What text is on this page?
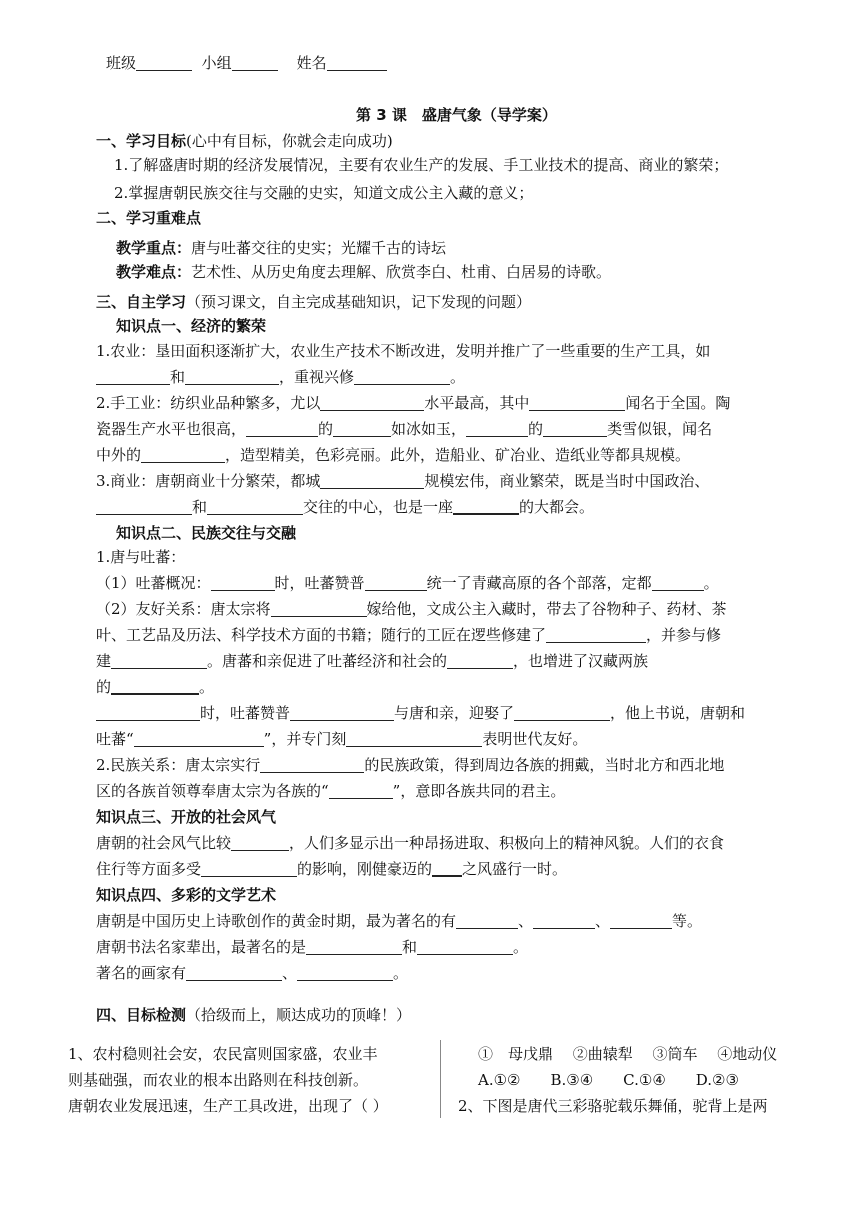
班级	小组	姓名
第 3 课　盛唐气象（导学案）
一、学习目标(心中有目标，你就会走向成功)
1.了解盛唐时期的经济发展情况，主要有农业生产的发展、手工业技术的提高、商业的繁荣；
2.掌握唐朝民族交往与交融的史实，知道文成公主入藏的意义；
二、学习重难点
教学重点：唐与吐蕃交往的史实；光耀千古的诗坛
教学难点：艺术性、从历史角度去理解、欣赏李白、杜甫、白居易的诗歌。
三、自主学习（预习课文，自主完成基础知识，记下发现的问题）
知识点一、经济的繁荣
1.农业：垦田面积逐渐扩大，农业生产技术不断改进，发明并推广了一些重要的生产工具，如
和	，重视兴修	。
2.手工业：纺织业品种繁多，尤以	水平最高，其中	闻名于全国。陶
瓷器生产水平也很高，	的	如冰如玉，	的	类雪似银，闻名
中外的	，造型精美，色彩亮丽。此外，造船业、矿冶业、造纸业等都具规模。
3.商业：唐朝商业十分繁荣，都城	规模宏伟，商业繁荣，既是当时中国政治、
和	交往的中心，也是一座	的大都会。
知识点二、民族交往与交融
1.唐与吐蕃：
（1）吐蕃概况：	时，吐蕃赞普	统一了青藏高原的各个部落，定都	。
（2）友好关系：唐太宗将	嫁给他，文成公主入藏时，带去了谷物种子、药材、茶
叶、工艺品及历法、科学技术方面的书籍；随行的工匠在逻些修建了	，并参与修
建	。唐蕃和亲促进了吐蕃经济和社会的	，也增进了汉藏两族
的	。
时，吐蕃赞普	与唐和亲，迎娶了	，他上书说，唐朝和
吐蕃“	”，并专门刻	表明世代友好。
2.民族关系：唐太宗实行	的民族政策，得到周边各族的拥戴，当时北方和西北地
区的各族首领尊奉唐太宗为各族的“	”，意即各族共同的君主。
知识点三、开放的社会风气
唐朝的社会风气比较	，人们多显示出一种昂扬进取、积极向上的精神风貌。人们的衣食
住行等方面多受	的影响，刚健豪迈的 之风盛行一时。
知识点四、多彩的文学艺术
唐朝是中国历史上诗歌创作的黄金时期，最为著名的有	、	、	等。
唐朝书法名家辈出，最著名的是	和	。
著名的画家有	、	。
四、目标检测（拾级而上，顺达成功的顶峰！）
1、农村稳则社会安，农民富则国家盛，农业丰
则基础强，而农业的根本出路则在科技创新。
唐朝农业发展迅速，生产工具改进，出现了（ ）
①　母戊鼎　 ②曲辕犁　 ③筒车　 ④地动仪
A.①②　　B.③④　　C.①④　　D.②③
2、下图是唐代三彩骆驼载乐舞俑，驼背上是两
